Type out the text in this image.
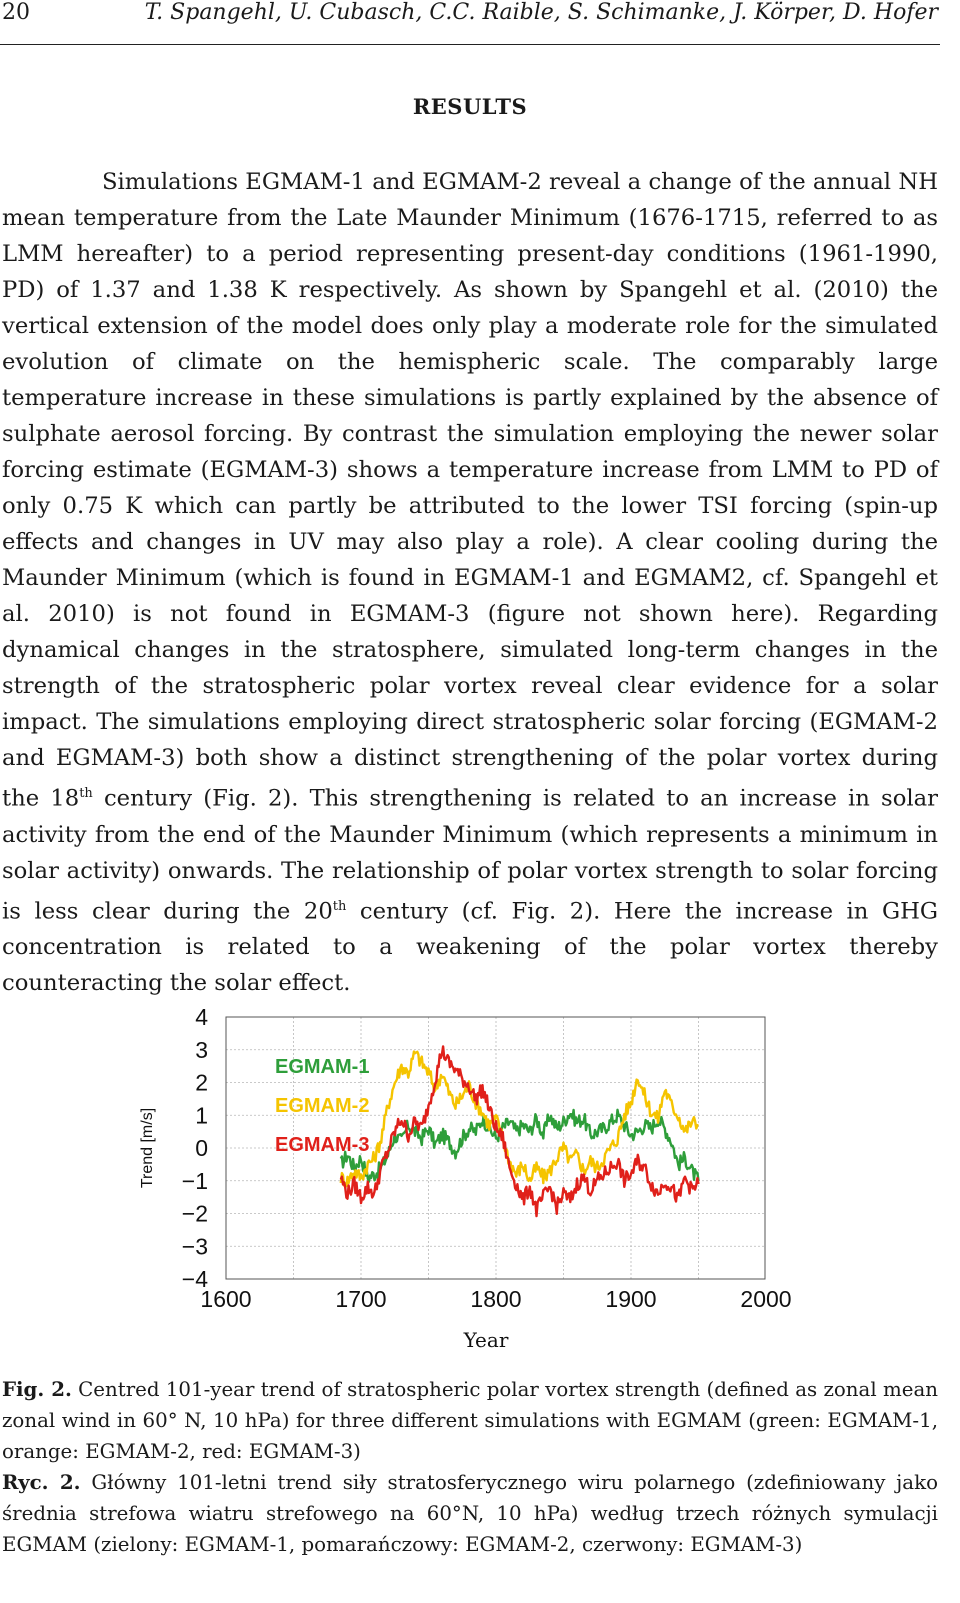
20	T. Spangehl, U. Cubasch, C.C. Raible, S. Schimanke, J. Körper, D. Hofer
RESULTS

Simulations EGMAM-1 and EGMAM-2 reveal a change of the annual NH mean temperature from the Late Maunder Minimum (1676-1715, referred to as LMM hereafter) to a period representing present-day conditions (1961-1990, PD) of 1.37 and 1.38 K respectively. As shown by Spangehl et al. (2010) the vertical extension of the model does only play a moderate role for the simulated evolution of climate on the hemispheric scale. The comparably large temperature increase in these simulations is partly explained by the absence of sulphate aerosol forcing. By contrast the simulation employing the newer solar forcing estimate (EGMAM-3) shows a temperature increase from LMM to PD of only 0.75 K which can partly be attributed to the lower TSI forcing (spin-up effects and changes in UV may also play a role). A clear cooling during the Maunder Minimum (which is found in EGMAM-1 and EGMAM2, cf. Spangehl et al. 2010) is not found in EGMAM-3 (figure not shown here). Regarding dynamical changes in the stratosphere, simulated long-term changes in the strength of the stratospheric polar vortex reveal clear evidence for a solar impact. The simulations employing direct stratospheric solar forcing (EGMAM-2 and EGMAM-3) both show a distinct strengthening of the polar vortex during the 18th century (Fig. 2). This strengthening is related to an increase in solar activity from the end of the Maunder Minimum (which represents a minimum in solar activity) onwards. The relationship of polar vortex strength to solar forcing is less clear during the 20th century (cf. Fig. 2). Here the increase in GHG concentration is related to a weakening of the polar vortex thereby counteracting the solar effect.

4
3
2
1
0
−1
−2
−3
−4
1600	1700	1800	1900	2000
Year
Trend [m/s]
EGMAM-1
EGMAM-2
EGMAM-3

Fig. 2. Centred 101-year trend of stratospheric polar vortex strength (defined as zonal mean zonal wind in 60° N, 10 hPa) for three different simulations with EGMAM (green: EGMAM-1, orange: EGMAM-2, red: EGMAM-3)

Ryc. 2. Główny 101-letni trend siły stratosferycznego wiru polarnego (zdefiniowany jako średnia strefowa wiatru strefowego na 60°N, 10 hPa) według trzech różnych symulacji EGMAM (zielony: EGMAM-1, pomarańczowy: EGMAM-2, czerwony: EGMAM-3)
